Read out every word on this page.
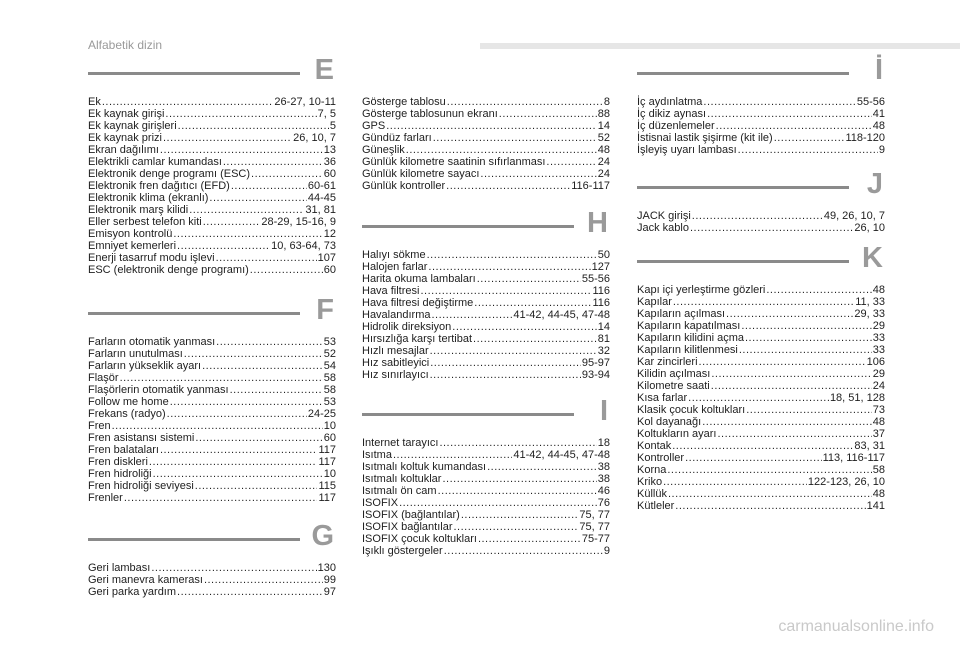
Alfabetik dizin
E
Ek .....	26-27, 10-11
Ek kaynak girişi .....	7, 5
Ek kaynak girişleri .....	5
Ek kaynak prizi .....	26, 10, 7
Ekran dağılımı .....	13
Elektrikli camlar kumandası .....	36
Elektronik denge programı (ESC) .....	60
Elektronik fren dağıtıcı (EFD) .....	60-61
Elektronik klima (ekranlı) .....	44-45
Elektronik marş kilidi .....	31, 81
Eller serbest telefon kiti .....	28-29, 15-16, 9
Emisyon kontrolü .....	12
Emniyet kemerleri .....	10, 63-64, 73
Enerji tasarruf modu işlevi .....	107
ESC (elektronik denge programı) .....	60
F
Farların otomatik yanması .....	53
Farların unutulması .....	52
Farların yükseklik ayarı .....	54
Flaşör .....	58
Flaşörlerin otomatik yanması .....	58
Follow me home .....	53
Frekans (radyo) .....	24-25
Fren .....	10
Fren asistansı sistemi .....	60
Fren balataları .....	117
Fren diskleri .....	117
Fren hidroliği .....	10
Fren hidroliği seviyesi .....	115
Frenler .....	117
G
Geri lambası .....	130
Geri manevra kamerası .....	99
Geri parka yardım .....	97
Gösterge tablosu .....	8
Gösterge tablosunun ekranı .....	88
GPS .....	14
Gündüz farları .....	52
Güneşlik .....	48
Günlük kilometre saatinin sıfırlanması .....	24
Günlük kilometre sayacı .....	24
Günlük kontroller .....	116-117
H
Halıyı sökme .....	50
Halojen farlar .....	127
Harita okuma lambaları .....	55-56
Hava filtresi .....	116
Hava filtresi değiştirme .....	116
Havalandırma .....	41-42, 44-45, 47-48
Hidrolik direksiyon .....	14
Hırsızlığa karşı tertibat .....	81
Hızlı mesajlar .....	32
Hız sabitleyici .....	95-97
Hız sınırlayıcı .....	93-94
I
Internet tarayıcı .....	18
Isıtma .....	41-42, 44-45, 47-48
Isıtmalı koltuk kumandası .....	38
Isıtmalı koltuklar .....	38
Isıtmalı ön cam .....	46
ISOFIX .....	76
ISOFIX (bağlantılar) .....	75, 77
ISOFIX bağlantılar .....	75, 77
ISOFIX çocuk koltukları .....	75-77
Işıklı göstergeler .....	9
İ
İç aydınlatma .....	55-56
İç dikiz aynası .....	41
İç düzenlemeler .....	48
İstisnai lastik şişirme (kit ile) .....	118-120
İşleyiş uyarı lambası .....	9
J
JACK girişi .....	49, 26, 10, 7
Jack kablo .....	26, 10
K
Kapı içi yerleştirme gözleri .....	48
Kapılar .....	11, 33
Kapıların açılması .....	29, 33
Kapıların kapatılması .....	29
Kapıların kilidini açma .....	33
Kapıların kilitlenmesi .....	33
Kar zincirleri .....	106
Kilidin açılması .....	29
Kilometre saati .....	24
Kısa farlar .....	18, 51, 128
Klasik çocuk koltukları .....	73
Kol dayanağı .....	48
Koltukların ayarı .....	37
Kontak .....	83, 31
Kontroller .....	113, 116-117
Korna .....	58
Kriko .....	122-123, 26, 10
Küllük .....	48
Kütleler .....	141
carmanualsonline.info
